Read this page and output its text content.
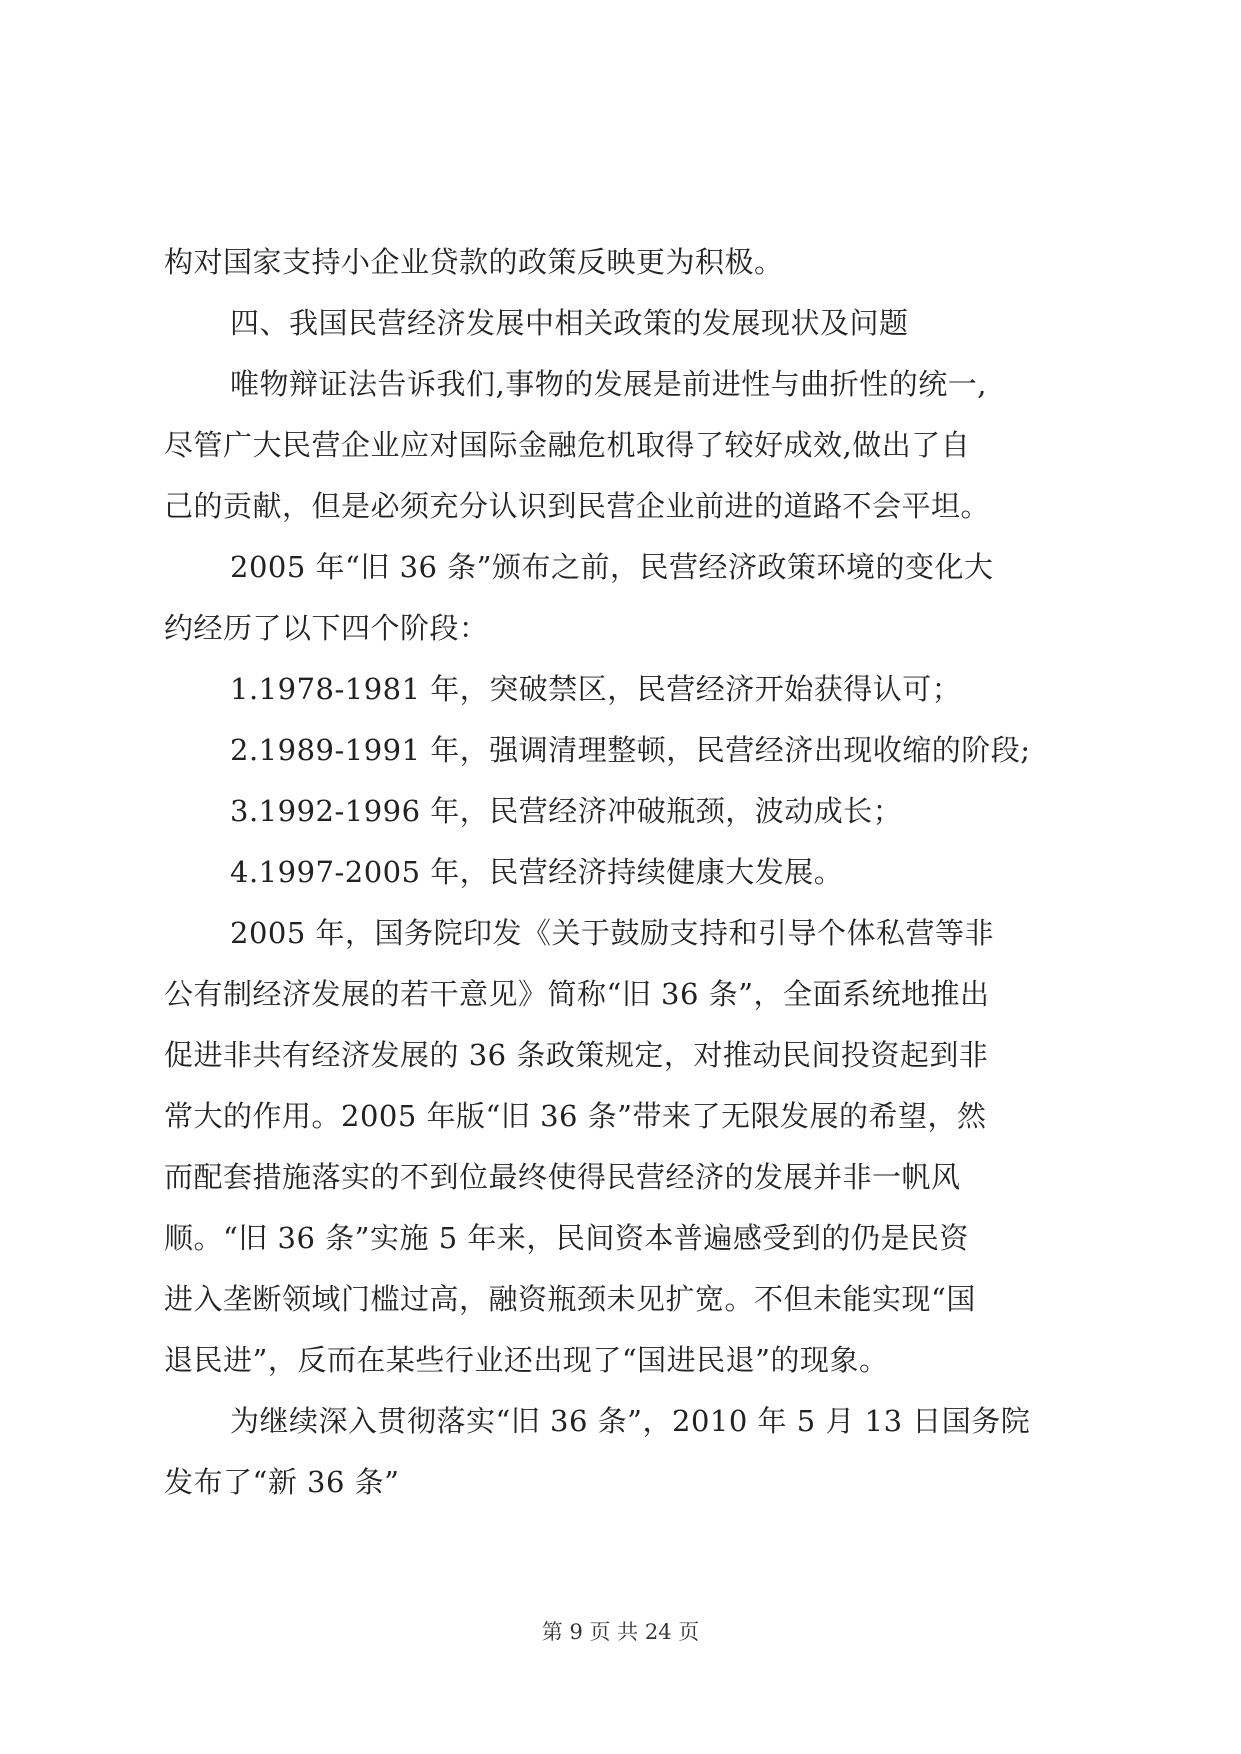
构对国家支持小企业贷款的政策反映更为积极。
四、我国民营经济发展中相关政策的发展现状及问题
唯物辩证法告诉我们,事物的发展是前进性与曲折性的统一,
尽管广大民营企业应对国际金融危机取得了较好成效,做出了自
己的贡献，但是必须充分认识到民营企业前进的道路不会平坦。
2005 年“旧 36 条”颁布之前，民营经济政策环境的变化大
约经历了以下四个阶段：
1.1978-1981 年，突破禁区，民营经济开始获得认可；
2.1989-1991 年，强调清理整顿，民营经济出现收缩的阶段;
3.1992-1996 年，民营经济冲破瓶颈，波动成长；
4.1997-2005 年，民营经济持续健康大发展。
2005 年，国务院印发《关于鼓励支持和引导个体私营等非
公有制经济发展的若干意见》简称“旧 36 条”，全面系统地推出
促进非共有经济发展的 36 条政策规定，对推动民间投资起到非
常大的作用。2005 年版“旧 36 条”带来了无限发展的希望，然
而配套措施落实的不到位最终使得民营经济的发展并非一帆风
顺。“旧 36 条”实施 5 年来，民间资本普遍感受到的仍是民资
进入垄断领域门槛过高，融资瓶颈未见扩宽。不但未能实现“国
退民进”，反而在某些行业还出现了“国进民退”的现象。
为继续深入贯彻落实“旧 36 条”，2010 年 5 月 13 日国务院
发布了“新 36 条”
第 9 页 共 24 页
